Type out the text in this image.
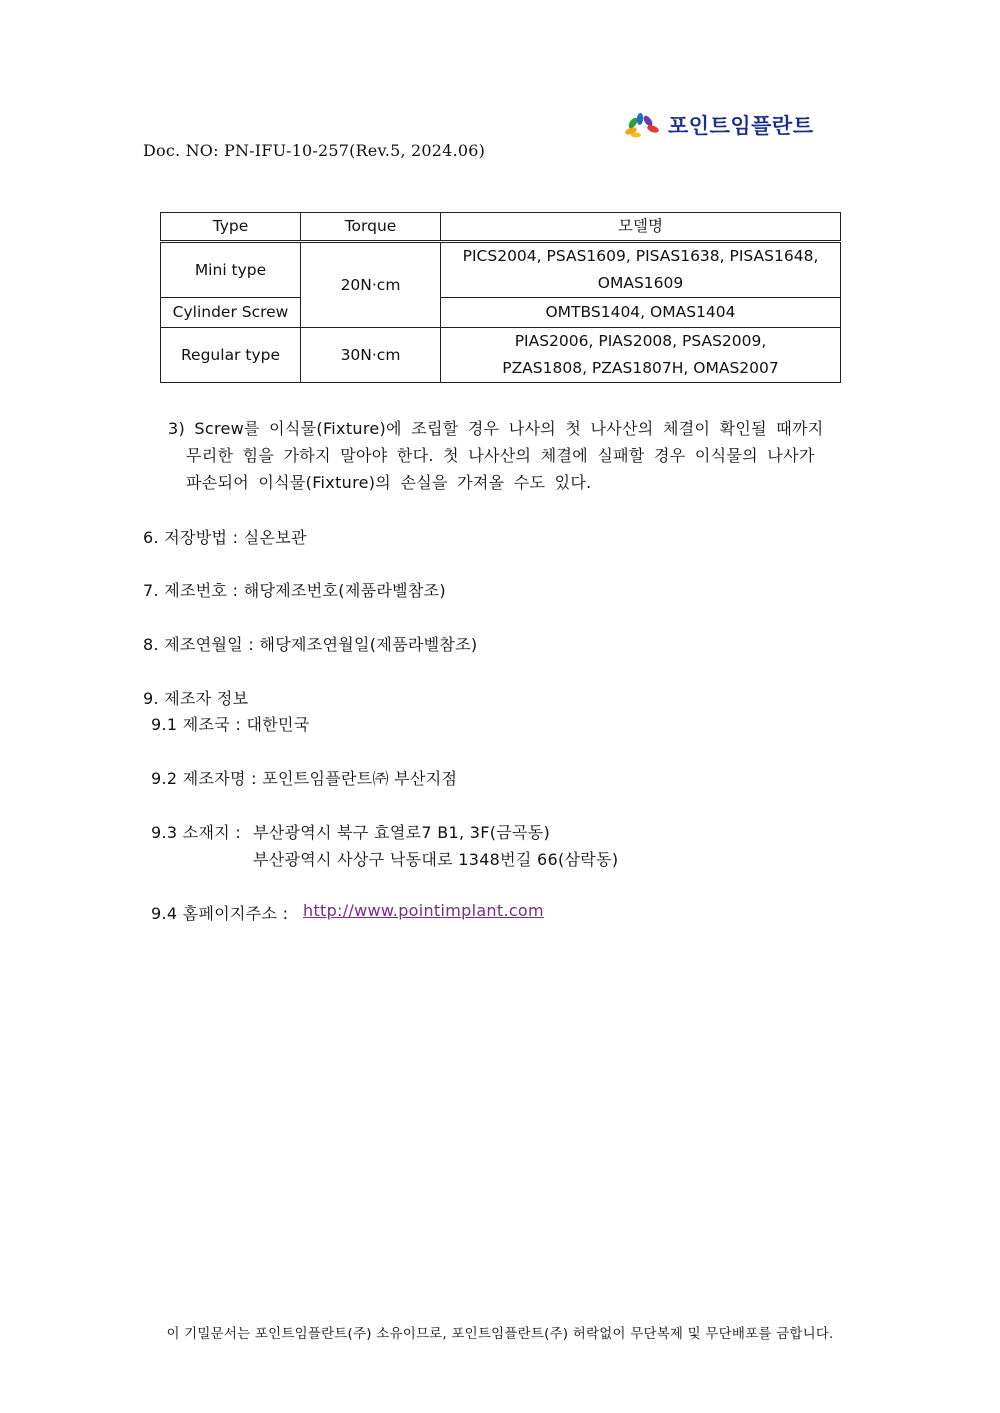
Doc. NO: PN-IFU-10-257(Rev.5, 2024.06)
포인트임플란트
Type	Torque	모델명
Mini type	20N·cm	PICS2004, PSAS1609, PISAS1638, PISAS1648,
OMAS1609

Cylinder Screw		OMTBS1404, OMAS1404
Regular type	30N·cm	PIAS2006, PIAS2008, PSAS2009,
PZAS1808, PZAS1807H, OMAS2007
3) Screw를 이식물(Fixture)에 조립할 경우 나사의 첫 나사산의 체결이 확인될 때까지
무리한 힘을 가하지 말아야 한다. 첫 나사산의 체결에 실패할 경우 이식물의 나사가
파손되어 이식물(Fixture)의 손실을 가져올 수도 있다.
6. 저장방법 : 실온보관
7. 제조번호 : 해당제조번호(제품라벨참조)
8. 제조연월일 : 해당제조연월일(제품라벨참조)
9. 제조자 정보
9.1 제조국 : 대한민국
9.2 제조자명 : 포인트임플란트㈜ 부산지점
9.3 소재지 : 부산광역시 북구 효열로7 B1, 3F(금곡동)
부산광역시 사상구 낙동대로 1348번길 66(삼락동)
9.4 홈페이지주소 : http://www.pointimplant.com
이 기밀문서는 포인트임플란트(주) 소유이므로, 포인트임플란트(주) 허락없이 무단복제 및 무단배포를 금합니다.
